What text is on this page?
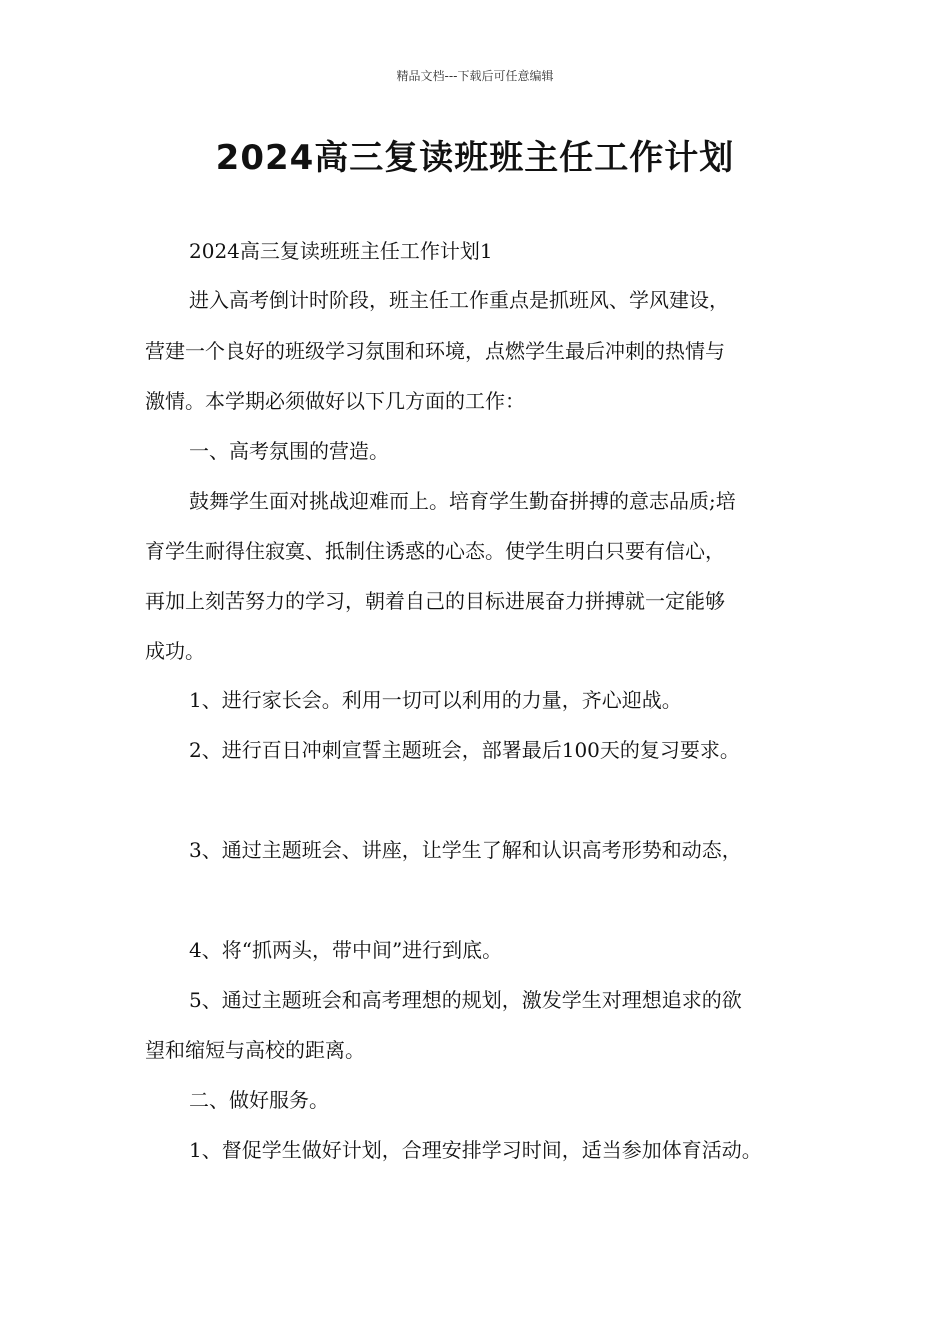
精品文档---下载后可任意编辑
2024高三复读班班主任工作计划
2024高三复读班班主任工作计划1
进入高考倒计时阶段，班主任工作重点是抓班风、学风建设，
营建一个良好的班级学习氛围和环境，点燃学生最后冲刺的热情与
激情。本学期必须做好以下几方面的工作：
一、高考氛围的营造。
鼓舞学生面对挑战迎难而上。培育学生勤奋拼搏的意志品质;培
育学生耐得住寂寞、抵制住诱惑的心态。使学生明白只要有信心，
再加上刻苦努力的学习，朝着自己的目标进展奋力拼搏就一定能够
成功。
1、进行家长会。利用一切可以利用的力量，齐心迎战。
2、进行百日冲刺宣誓主题班会，部署最后100天的复习要求。
3、通过主题班会、讲座，让学生了解和认识高考形势和动态，
4、将“抓两头，带中间”进行到底。
5、通过主题班会和高考理想的规划，激发学生对理想追求的欲
望和缩短与高校的距离。
二、做好服务。
1、督促学生做好计划，合理安排学习时间，适当参加体育活动。
